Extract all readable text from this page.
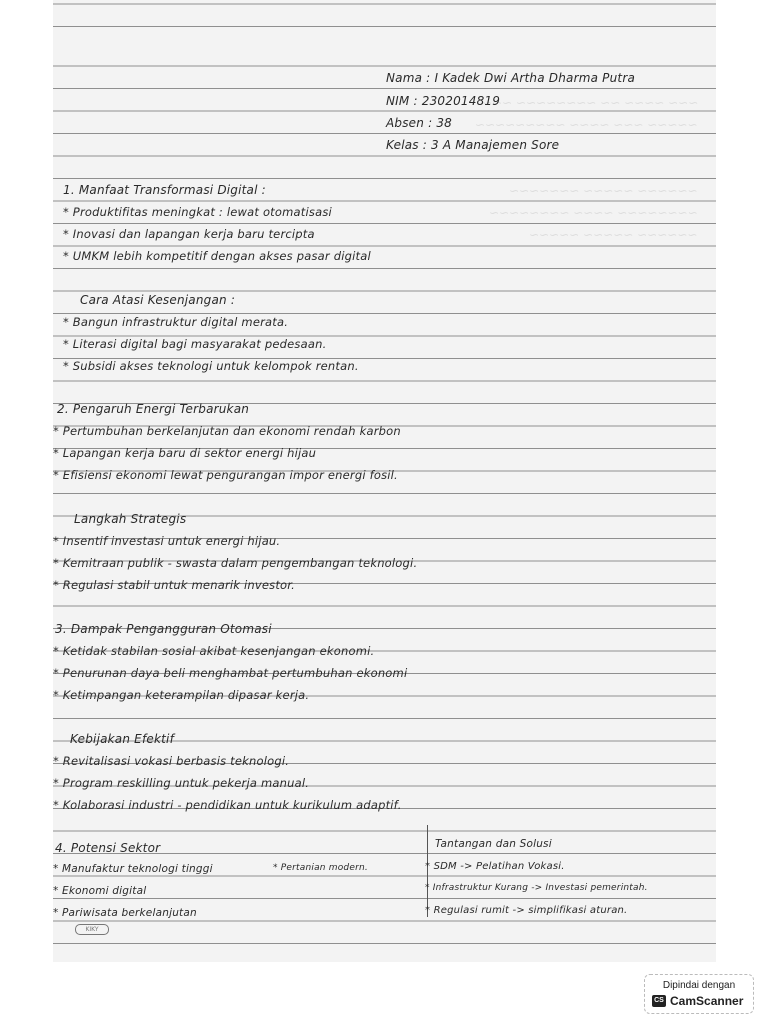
~~~ ~~~~ ~~ ~~~~~~~~ ~~~
~~~~~ ~~~ ~~~~ ~~~~~~~~~
~~~~~~ ~~~~~ ~~~~~~~
~~~~~~~~ ~~~~ ~~~~~~~~
~~~~~~ ~~~~~ ~~~~~
Nama : I Kadek Dwi Artha Dharma Putra
NIM : 2302014819
Absen : 38
Kelas : 3 A Manajemen Sore
1. Manfaat Transformasi Digital :
* Produktifitas meningkat : lewat otomatisasi
* Inovasi dan lapangan kerja baru tercipta
* UMKM lebih kompetitif dengan akses pasar digital
Cara Atasi Kesenjangan :
* Bangun infrastruktur digital merata.
* Literasi digital bagi masyarakat pedesaan.
* Subsidi akses teknologi untuk kelompok rentan.
2. Pengaruh Energi Terbarukan
* Pertumbuhan berkelanjutan dan ekonomi rendah karbon
* Lapangan kerja baru di sektor energi hijau
* Efisiensi ekonomi lewat pengurangan impor energi fosil.
Langkah Strategis
* Insentif investasi untuk energi hijau.
* Kemitraan publik - swasta dalam pengembangan teknologi.
* Regulasi stabil untuk menarik investor.
3. Dampak Pengangguran Otomasi
* Ketidak stabilan sosial akibat kesenjangan ekonomi.
* Penurunan daya beli menghambat pertumbuhan ekonomi
* Ketimpangan keterampilan dipasar kerja.
Kebijakan Efektif
* Revitalisasi vokasi berbasis teknologi.
* Program reskilling untuk pekerja manual.
* Kolaborasi industri - pendidikan untuk kurikulum adaptif.
4. Potensi Sektor
* Manufaktur teknologi tinggi
* Ekonomi digital
* Pariwisata berkelanjutan
* Pertanian modern.
Tantangan dan Solusi
* SDM -> Pelatihan Vokasi.
* Infrastruktur Kurang -> Investasi pemerintah.
* Regulasi rumit -> simplifikasi aturan.
KIKY
Dipindai dengan
CS CamScanner
